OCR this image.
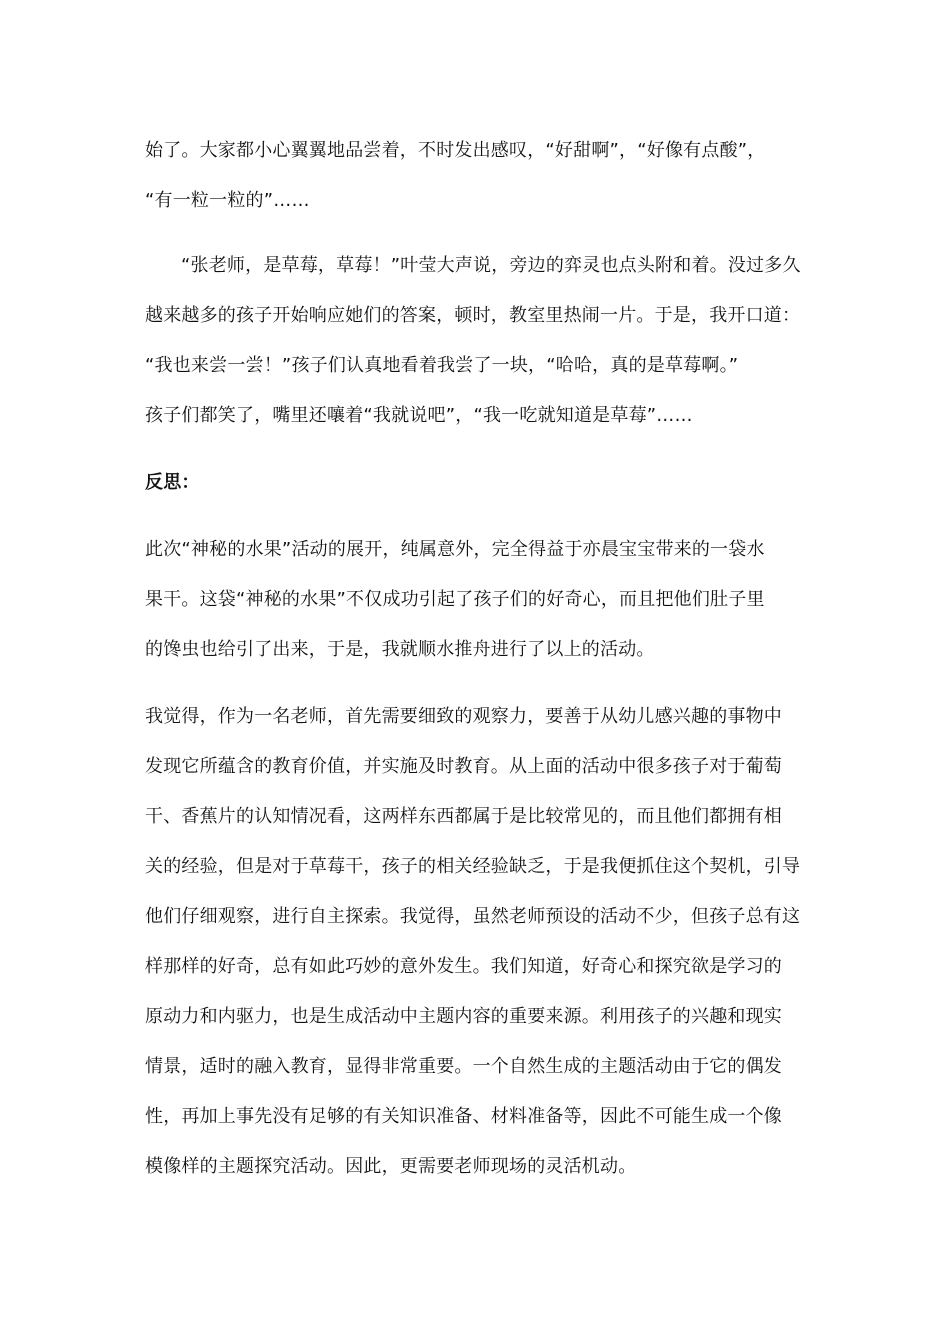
始了。大家都小心翼翼地品尝着，不时发出感叹，“好甜啊”，“好像有点酸”，
“有一粒一粒的”……
“张老师，是草莓，草莓！”叶莹大声说，旁边的弈灵也点头附和着。没过多久
越来越多的孩子开始响应她们的答案，顿时，教室里热闹一片。于是，我开口道：
“我也来尝一尝！”孩子们认真地看着我尝了一块，“哈哈，真的是草莓啊。”
孩子们都笑了，嘴里还嚷着“我就说吧”，“我一吃就知道是草莓”……
反思：
此次“神秘的水果”活动的展开，纯属意外，完全得益于亦晨宝宝带来的一袋水
果干。这袋“神秘的水果”不仅成功引起了孩子们的好奇心，而且把他们肚子里
的馋虫也给引了出来，于是，我就顺水推舟进行了以上的活动。
我觉得，作为一名老师，首先需要细致的观察力，要善于从幼儿感兴趣的事物中
发现它所蕴含的教育价值，并实施及时教育。从上面的活动中很多孩子对于葡萄
干、香蕉片的认知情况看，这两样东西都属于是比较常见的，而且他们都拥有相
关的经验，但是对于草莓干，孩子的相关经验缺乏，于是我便抓住这个契机，引导
他们仔细观察，进行自主探索。我觉得，虽然老师预设的活动不少，但孩子总有这
样那样的好奇，总有如此巧妙的意外发生。我们知道，好奇心和探究欲是学习的
原动力和内驱力，也是生成活动中主题内容的重要来源。利用孩子的兴趣和现实
情景，适时的融入教育，显得非常重要。一个自然生成的主题活动由于它的偶发
性，再加上事先没有足够的有关知识准备、材料准备等，因此不可能生成一个像
模像样的主题探究活动。因此，更需要老师现场的灵活机动。
